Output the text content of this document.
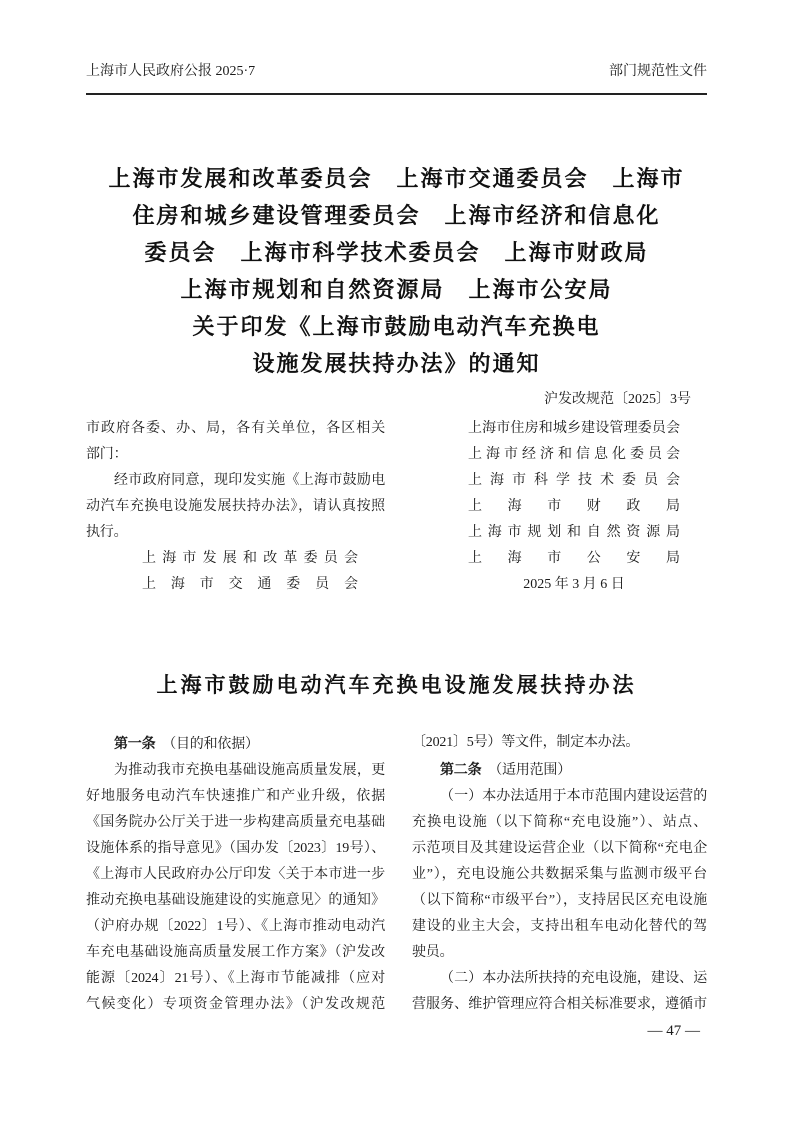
上海市人民政府公报 2025·7	部门规范性文件
上海市发展和改革委员会　上海市交通委员会　上海市
住房和城乡建设管理委员会　上海市经济和信息化
委员会　上海市科学技术委员会　上海市财政局
上海市规划和自然资源局　上海市公安局
关于印发《上海市鼓励电动汽车充换电
设施发展扶持办法》的通知
沪发改规范〔2025〕3号
市政府各委、办、局，各有关单位，各区相关
部门：
经市政府同意，现印发实施《上海市鼓励电
动汽车充换电设施发展扶持办法》，请认真按照
执行。
上海市发展和改革委员会
上海市交通委员会
上海市住房和城乡建设管理委员会
上海市经济和信息化委员会
上海市科学技术委员会
上海市财政局
上海市规划和自然资源局
上海市公安局
2025 年 3 月 6 日
上海市鼓励电动汽车充换电设施发展扶持办法
第一条　（目的和依据）
为推动我市充换电基础设施高质量发展，更
好地服务电动汽车快速推广和产业升级，依据
《国务院办公厅关于进一步构建高质量充电基础
设施体系的指导意见》（国办发〔2023〕19号）、
《上海市人民政府办公厅印发〈关于本市进一步
推动充换电基础设施建设的实施意见〉的通知》
（沪府办规〔2022〕1号）、《上海市推动电动汽
车充电基础设施高质量发展工作方案》（沪发改
能源〔2024〕21号）、《上海市节能减排（应对
气候变化）专项资金管理办法》（沪发改规范
〔2021〕5号）等文件，制定本办法。
第二条　（适用范围）
（一）本办法适用于本市范围内建设运营的
充换电设施（以下简称“充电设施”）、站点、
示范项目及其建设运营企业（以下简称“充电企
业”），充电设施公共数据采集与监测市级平台
（以下简称“市级平台”），支持居民区充电设施
建设的业主大会，支持出租车电动化替代的驾
驶员。
（二）本办法所扶持的充电设施，建设、运
营服务、维护管理应符合相关标准要求，遵循市
— 47 —
